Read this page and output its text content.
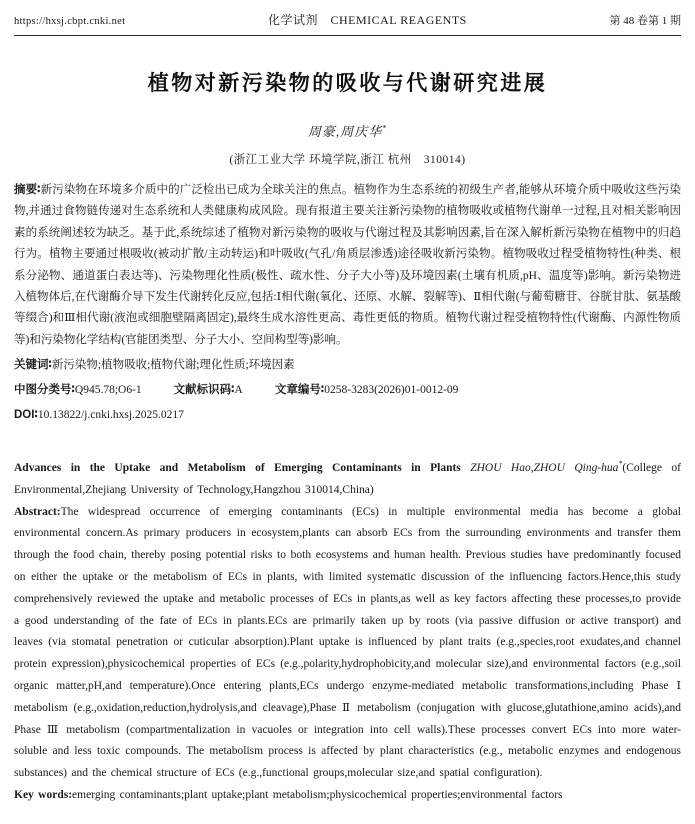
https://hxsj.cbpt.cnki.net	化学试剂　CHEMICAL REAGENTS	第 48 卷第 1 期
植物对新污染物的吸收与代谢研究进展
周豪,周庆华*
(浙江工业大学 环境学院,浙江 杭州　310014)
摘要∶新污染物在环境多介质中的广泛检出已成为全球关注的焦点。植物作为生态系统的初级生产者,能够从环境介质中吸收这些污染物,并通过食物链传递对生态系统和人类健康构成风险。现有报道主要关注新污染物的植物吸收或植物代谢单一过程,且对相关影响因素的系统阐述较为缺乏。基于此,系统综述了植物对新污染物的吸收与代谢过程及其影响因素,旨在深入解析新污染物在植物中的归趋行为。植物主要通过根吸收(被动扩散/主动转运)和叶吸收(气孔/角质层渗透)途径吸收新污染物。植物吸收过程受植物特性(种类、根系分泌物、通道蛋白表达等)、污染物理化性质(极性、疏水性、分子大小等)及环境因素(土壤有机质,pH、温度等)影响。新污染物进入植物体后,在代谢酶介导下发生代谢转化反应,包括:Ⅰ相代谢(氧化、还原、水解、裂解等)、Ⅱ相代谢(与葡萄糖苷、谷胱甘肽、氨基酸等缀合)和Ⅲ相代谢(液泡或细胞壁隔离固定),最终生成水溶性更高、毒性更低的物质。植物代谢过程受植物特性(代谢酶、内源性物质等)和污染物化学结构(官能团类型、分子大小、空间构型等)影响。
关键词∶新污染物;植物吸收;植物代谢;理化性质;环境因素
中图分类号∶Q945.78;O6-1	文献标识码∶A	文章编号∶0258-3283(2026)01-0012-09
DOI∶10.13822/j.cnki.hxsj.2025.0217

Advances in the Uptake and Metabolism of Emerging Contaminants in Plants ZHOU Hao,ZHOU Qing-hua*(College of Environmental,Zhejiang University of Technology,Hangzhou 310014,China)

Abstract:The widespread occurrence of emerging contaminants (ECs) in multiple environmental media has become a global environmental concern.As primary producers in ecosystem,plants can absorb ECs from the surrounding environments and transfer them through the food chain, thereby posing potential risks to both ecosystems and human health. Previous studies have predominantly focused on either the uptake or the metabolism of ECs in plants, with limited systematic discussion of the influencing factors.Hence,this study comprehensively reviewed the uptake and metabolic processes of ECs in plants,as well as key factors affecting these processes,to provide a good understanding of the fate of ECs in plants.ECs are primarily taken up by roots (via passive diffusion or active transport) and leaves (via stomatal penetration or cuticular absorption).Plant uptake is influenced by plant traits (e.g.,species,root exudates,and channel protein expression),physicochemical properties of ECs (e.g.,polarity,hydrophobicity,and molecular size),and environmental factors (e.g.,soil organic matter,pH,and temperature).Once entering plants,ECs undergo enzyme-mediated metabolic transformations,including Phase Ⅰ metabolism (e.g.,oxidation,reduction,hydrolysis,and cleavage),Phase Ⅱ metabolism (conjugation with glucose,glutathione,amino acids),and Phase Ⅲ metabolism (compartmentalization in vacuoles or integration into cell walls).These processes convert ECs into more water-soluble and less toxic compounds. The metabolism process is affected by plant characteristics (e.g., metabolic enzymes and endogenous substances) and the chemical structure of ECs (e.g.,functional groups,molecular size,and spatial configuration).

Key words:emerging contaminants;plant uptake;plant metabolism;physicochemical properties;environmental factors
